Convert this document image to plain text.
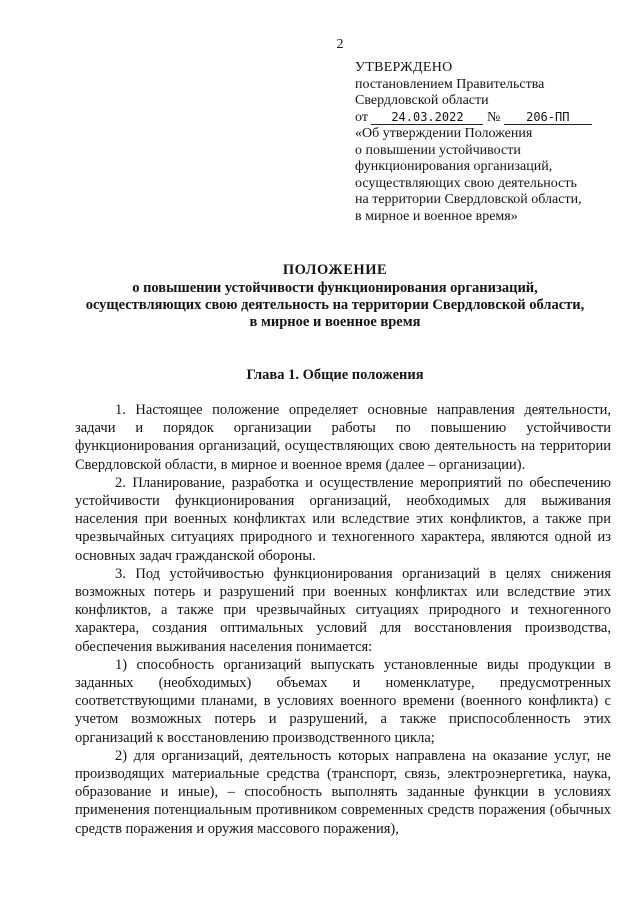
2
УТВЕРЖДЕНО
постановлением Правительства
Свердловской области
от 24.03.2022 № 206-ПП
«Об утверждении Положения
о повышении устойчивости
функционирования организаций,
осуществляющих свою деятельность
на территории Свердловской области,
в мирное и военное время»
ПОЛОЖЕНИЕ
о повышении устойчивости функционирования организаций,
осуществляющих свою деятельность на территории Свердловской области,
в мирное и военное время
Глава 1. Общие положения

1. Настоящее положение определяет основные направления деятельности, задачи и порядок организации работы по повышению устойчивости функционирования организаций, осуществляющих свою деятельность на территории Свердловской области, в мирное и военное время (далее – организации).

2. Планирование, разработка и осуществление мероприятий по обеспечению устойчивости функционирования организаций, необходимых для выживания населения при военных конфликтах или вследствие этих конфликтов, а также при чрезвычайных ситуациях природного и техногенного характера, являются одной из основных задач гражданской обороны.

3. Под устойчивостью функционирования организаций в целях снижения возможных потерь и разрушений при военных конфликтах или вследствие этих конфликтов, а также при чрезвычайных ситуациях природного и техногенного характера, создания оптимальных условий для восстановления производства, обеспечения выживания населения понимается:

1) способность организаций выпускать установленные виды продукции в заданных (необходимых) объемах и номенклатуре, предусмотренных соответствующими планами, в условиях военного времени (военного конфликта) с учетом возможных потерь и разрушений, а также приспособленность этих организаций к восстановлению производственного цикла;

2) для организаций, деятельность которых направлена на оказание услуг, не производящих материальные средства (транспорт, связь, электроэнергетика, наука, образование и иные), – способность выполнять заданные функции в условиях применения потенциальным противником современных средств поражения (обычных средств поражения и оружия массового поражения),
